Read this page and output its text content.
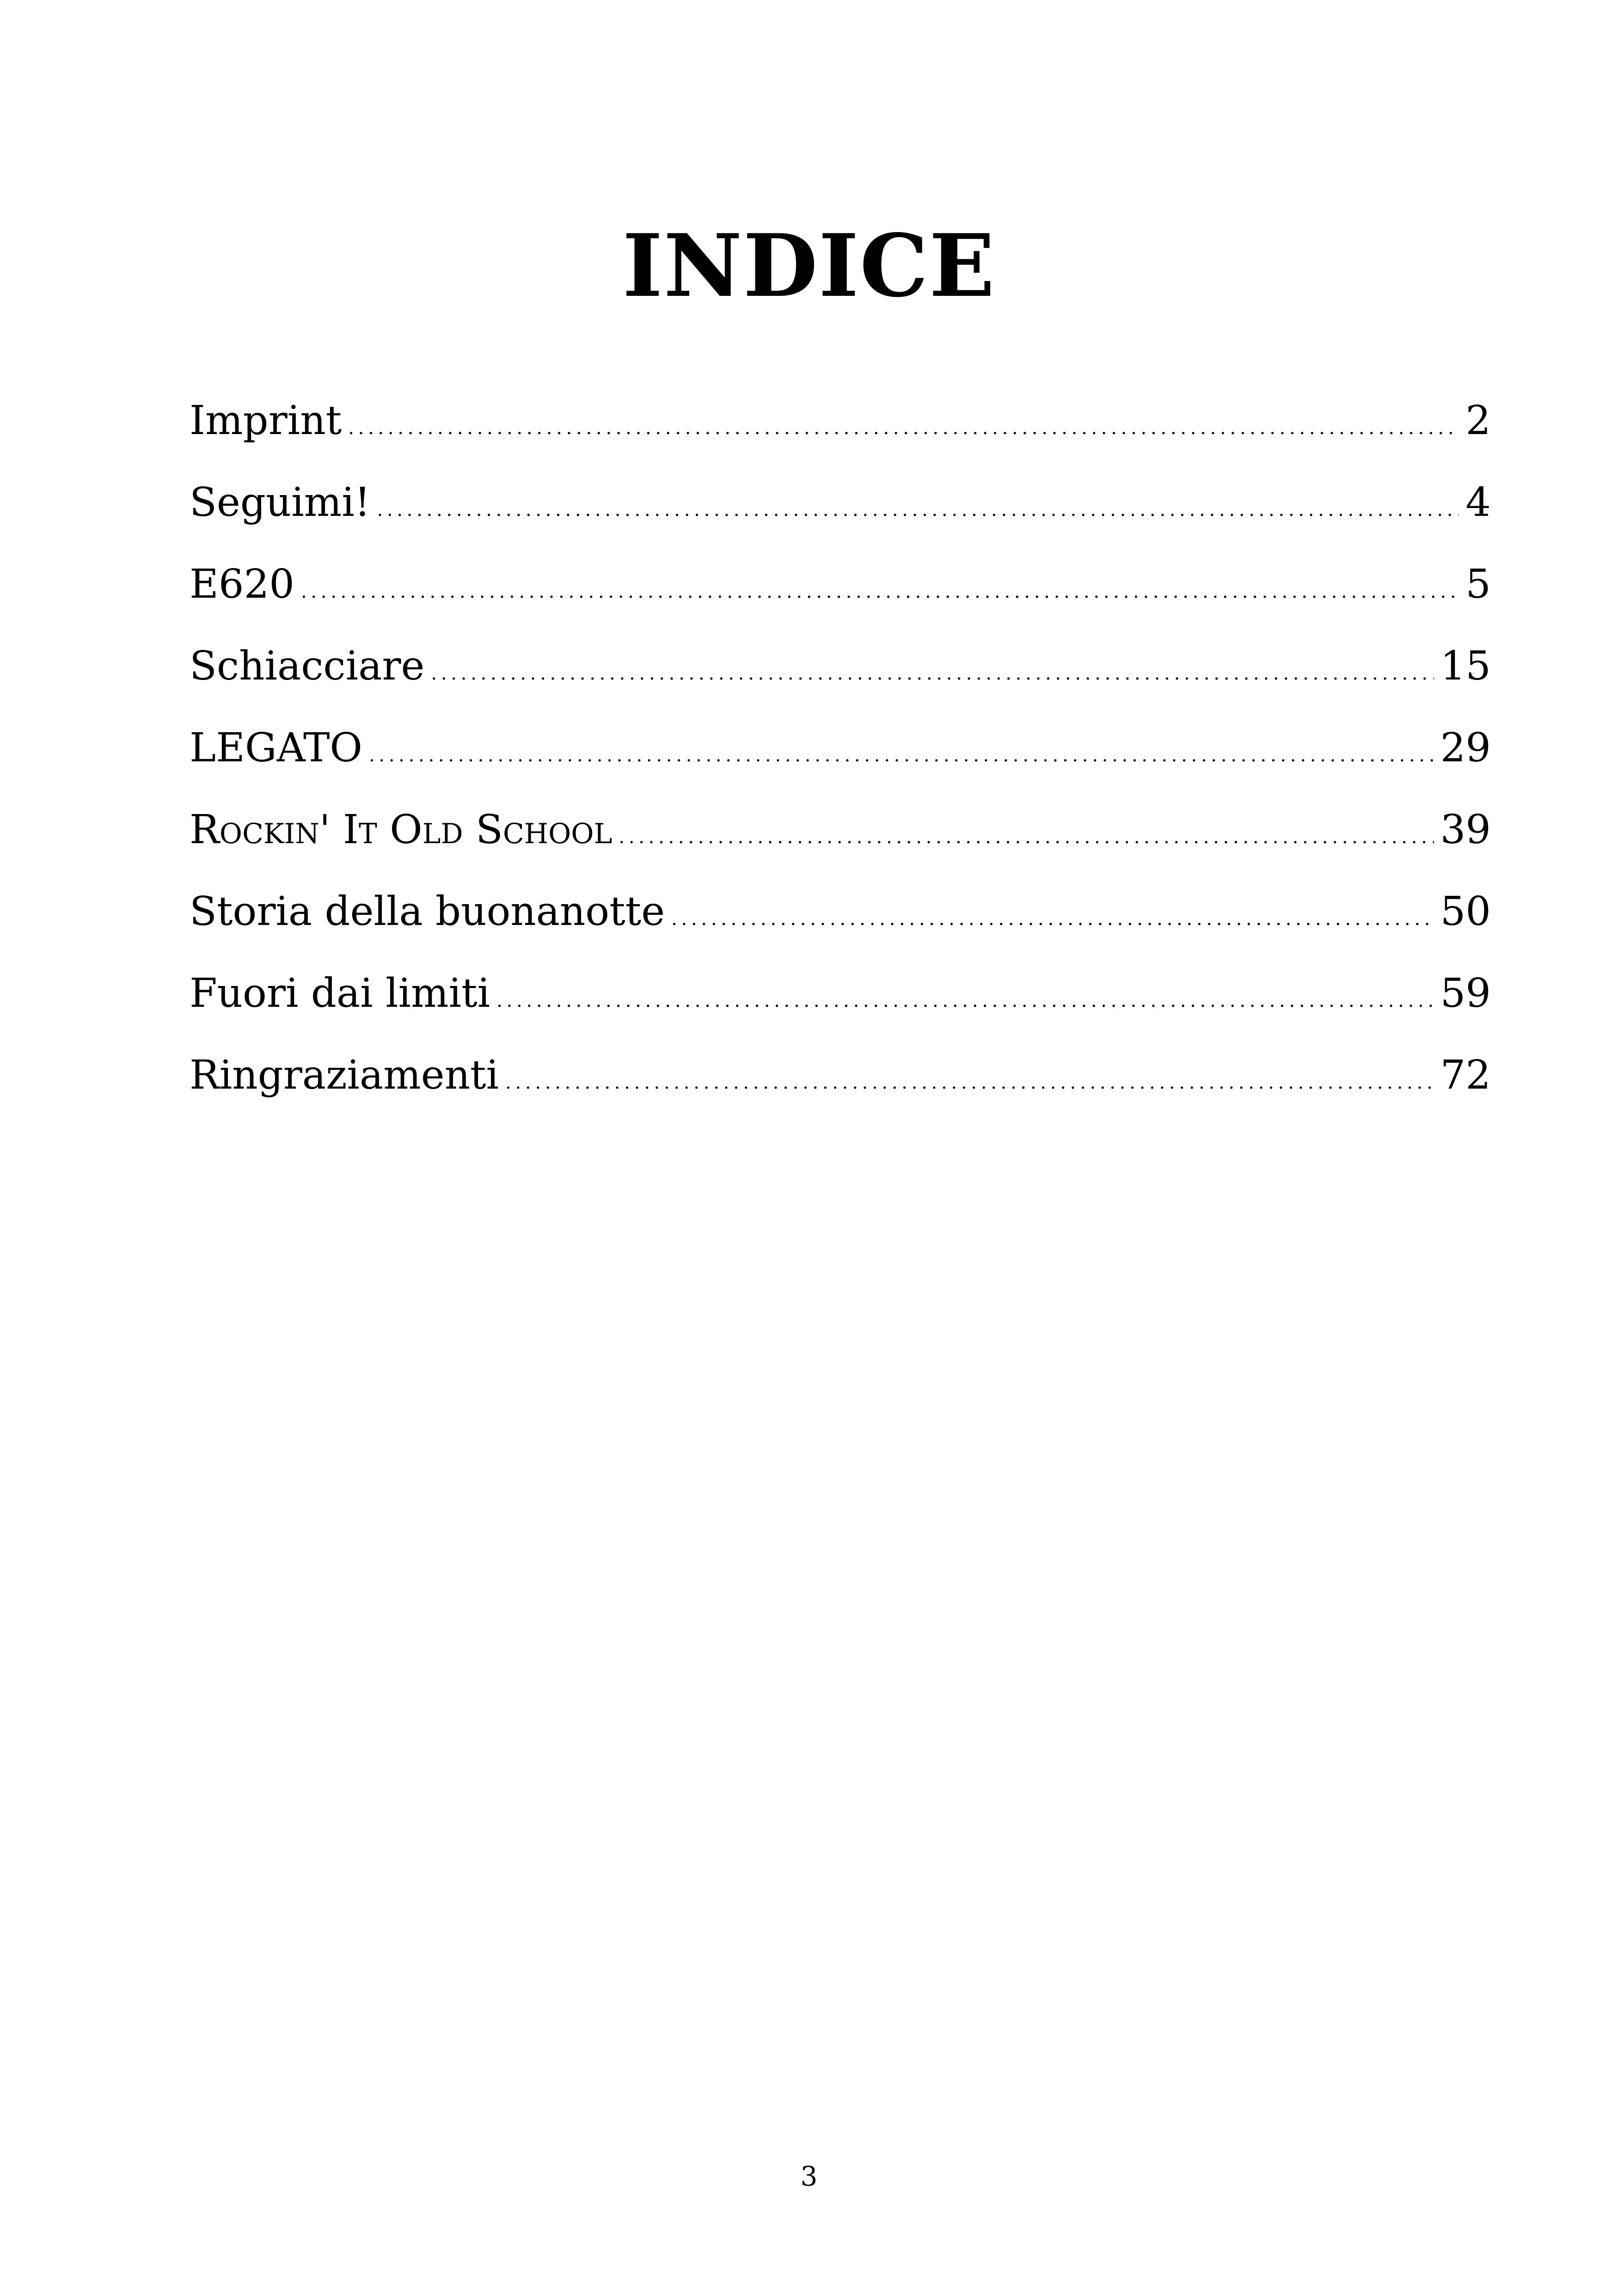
INDICE
Imprint . . .	2
Seguimi! . . .	4
E620 . . .	5
Schiacciare . . .	15
LEGATO . . .	29
Rockin' It Old School . . .	39
Storia della buonanotte . . .	50
Fuori dai limiti . . .	59
Ringraziamenti . . .	72
3
